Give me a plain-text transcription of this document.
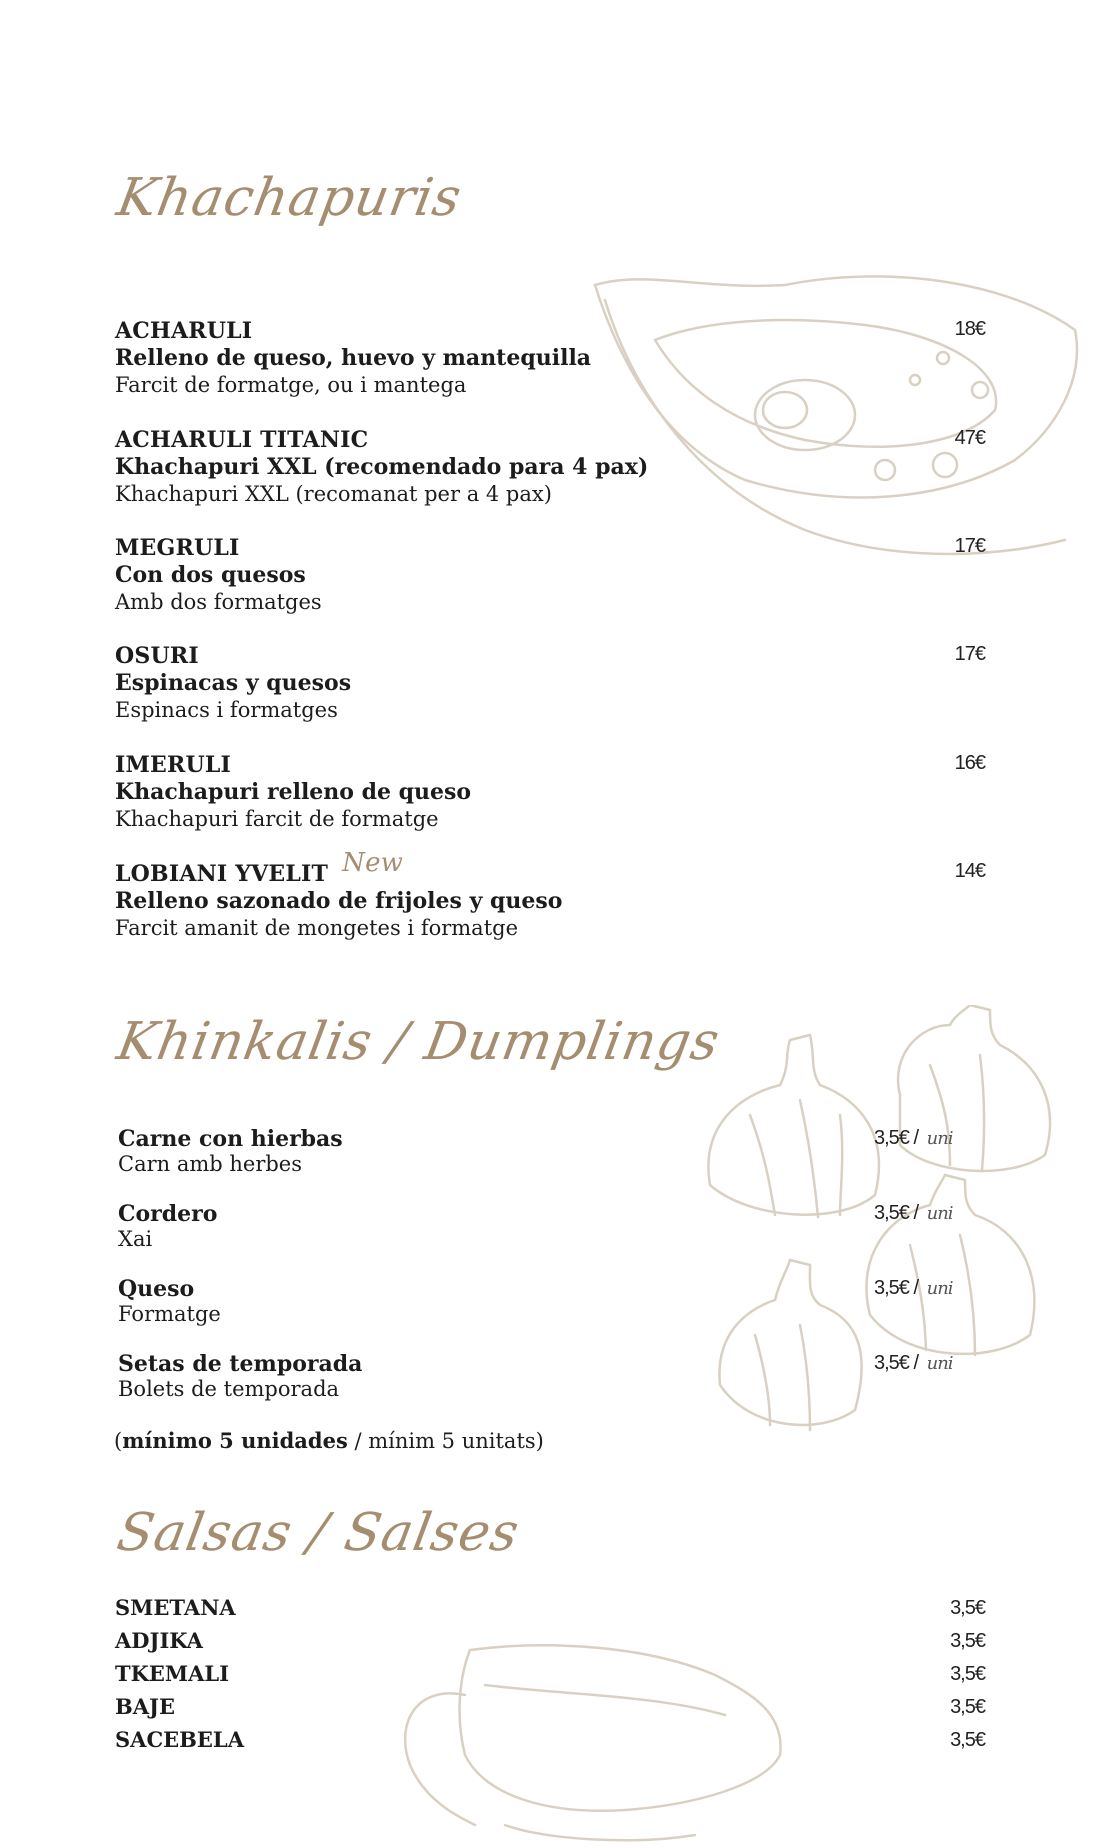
Khachapuris
ACHARULI
Relleno de queso, huevo y mantequilla
Farcit de formatge, ou i mantega
18€
ACHARULI TITANIC
Khachapuri XXL (recomendado para 4 pax)
Khachapuri XXL (recomanat per a 4 pax)
47€
MEGRULI
Con dos quesos
Amb dos formatges
17€
OSURI
Espinacas y quesos
Espinacs i formatges
17€
IMERULI
Khachapuri relleno de queso
Khachapuri farcit de formatge
16€
LOBIANI YVELIT New
Relleno sazonado de frijoles y queso
Farcit amanit de mongetes i formatge
14€
Khinkalis / Dumplings
Carne con hierbas
Carn amb herbes
3,5€ / uni
Cordero
Xai
3,5€ / uni
Queso
Formatge
3,5€ / uni
Setas de temporada
Bolets de temporada
3,5€ / uni
(mínimo 5 unidades / mínim 5 unitats)
Salsas / Salses
SMETANA	3,5€
ADJIKA	3,5€
TKEMALI	3,5€
BAJE	3,5€
SACEBELA	3,5€
